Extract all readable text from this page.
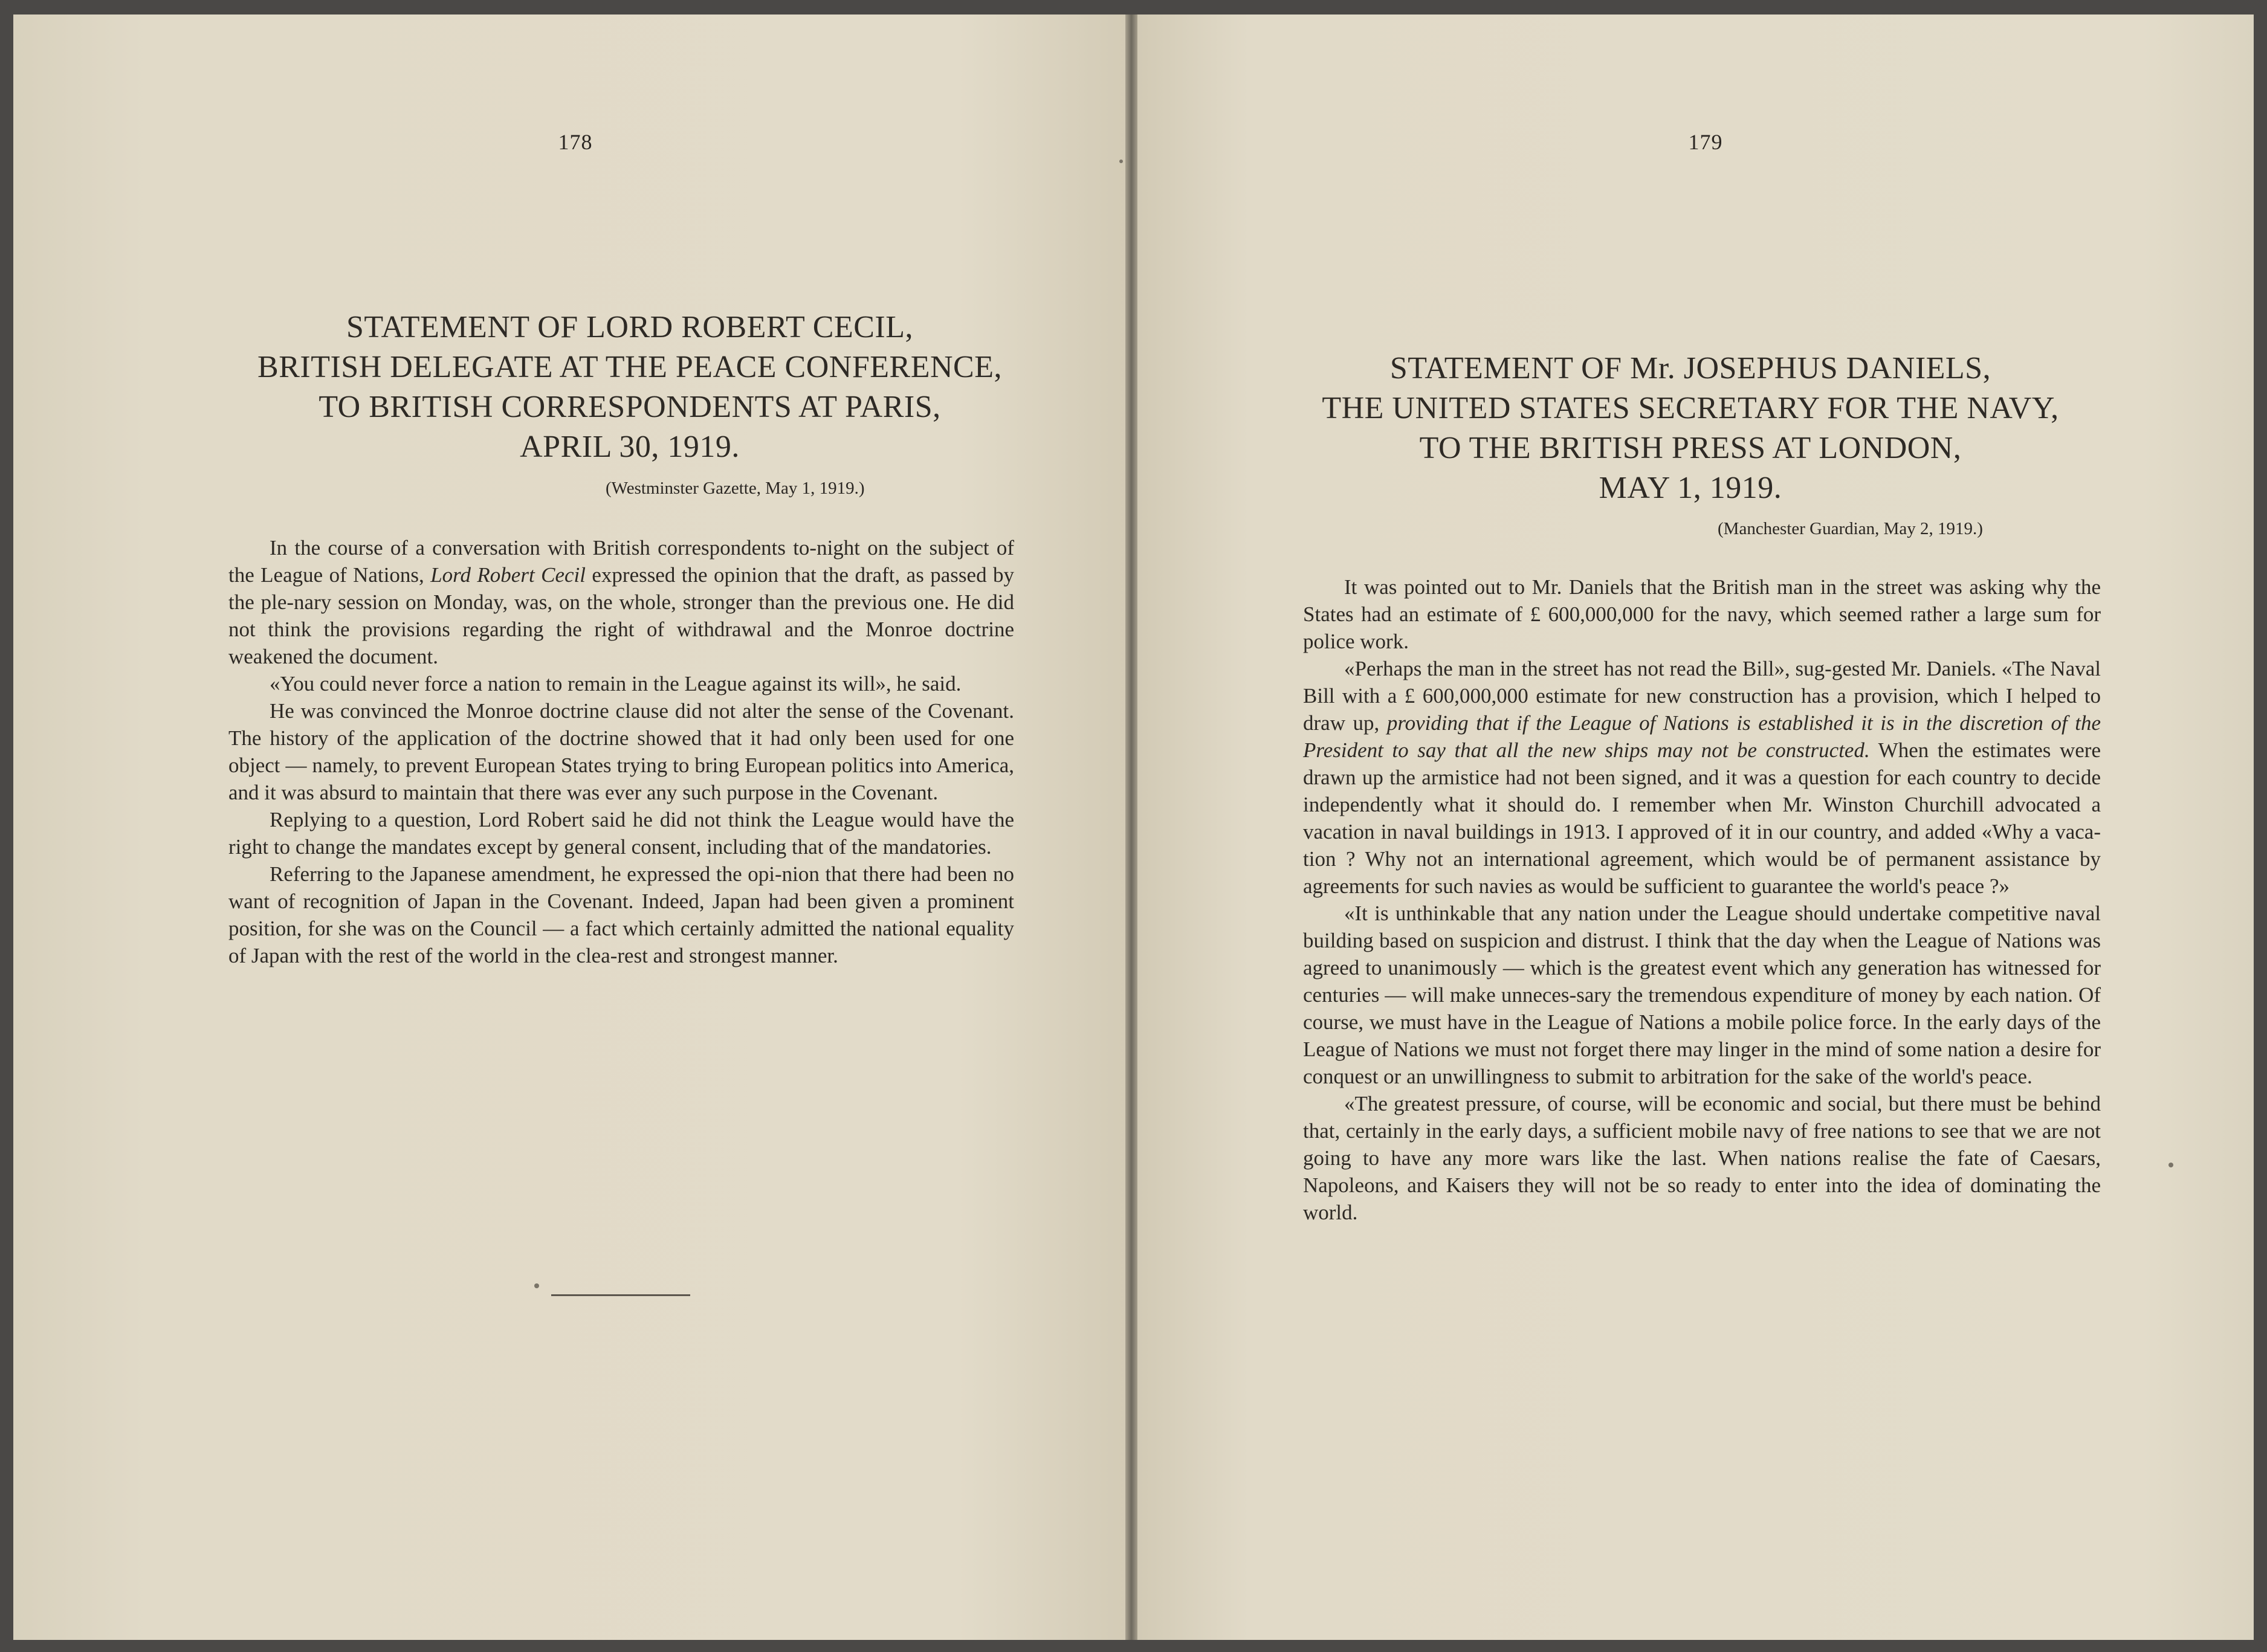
178
STATEMENT OF LORD ROBERT CECIL,
BRITISH DELEGATE AT THE PEACE CONFERENCE,
TO BRITISH CORRESPONDENTS AT PARIS,
APRIL 30, 1919.
(Westminster Gazette, May 1, 1919.)

In the course of a conversation with British correspondents to-night on the subject of the League of Nations, Lord Robert Cecil expressed the opinion that the draft, as passed by the ple-nary session on Monday, was, on the whole, stronger than the previous one. He did not think the provisions regarding the right of withdrawal and the Monroe doctrine weakened the document.

«You could never force a nation to remain in the League against its will», he said.

He was convinced the Monroe doctrine clause did not alter the sense of the Covenant. The history of the application of the doctrine showed that it had only been used for one object — namely, to prevent European States trying to bring European politics into America, and it was absurd to maintain that there was ever any such purpose in the Covenant.

Replying to a question, Lord Robert said he did not think the League would have the right to change the mandates except by general consent, including that of the mandatories.

Referring to the Japanese amendment, he expressed the opi-nion that there had been no want of recognition of Japan in the Covenant. Indeed, Japan had been given a prominent position, for she was on the Council — a fact which certainly admitted the national equality of Japan with the rest of the world in the clea-rest and strongest manner.

179
STATEMENT OF Mr. JOSEPHUS DANIELS,
THE UNITED STATES SECRETARY FOR THE NAVY,
TO THE BRITISH PRESS AT LONDON,
MAY 1, 1919.
(Manchester Guardian, May 2, 1919.)

It was pointed out to Mr. Daniels that the British man in the street was asking why the States had an estimate of £ 600,000,000 for the navy, which seemed rather a large sum for police work.

«Perhaps the man in the street has not read the Bill», sug-gested Mr. Daniels. «The Naval Bill with a £ 600,000,000 estimate for new construction has a provision, which I helped to draw up, providing that if the League of Nations is established it is in the discretion of the President to say that all the new ships may not be constructed. When the estimates were drawn up the armistice had not been signed, and it was a question for each country to decide independently what it should do. I remember when Mr. Winston Churchill advocated a vacation in naval buildings in 1913. I approved of it in our country, and added «Why a vaca-tion ? Why not an international agreement, which would be of permanent assistance by agreements for such navies as would be sufficient to guarantee the world's peace ?»

«It is unthinkable that any nation under the League should undertake competitive naval building based on suspicion and distrust. I think that the day when the League of Nations was agreed to unanimously — which is the greatest event which any generation has witnessed for centuries — will make unneces-sary the tremendous expenditure of money by each nation. Of course, we must have in the League of Nations a mobile police force. In the early days of the League of Nations we must not forget there may linger in the mind of some nation a desire for conquest or an unwillingness to submit to arbitration for the sake of the world's peace.

«The greatest pressure, of course, will be economic and social, but there must be behind that, certainly in the early days, a sufficient mobile navy of free nations to see that we are not going to have any more wars like the last. When nations realise the fate of Caesars, Napoleons, and Kaisers they will not be so ready to enter into the idea of dominating the world.
